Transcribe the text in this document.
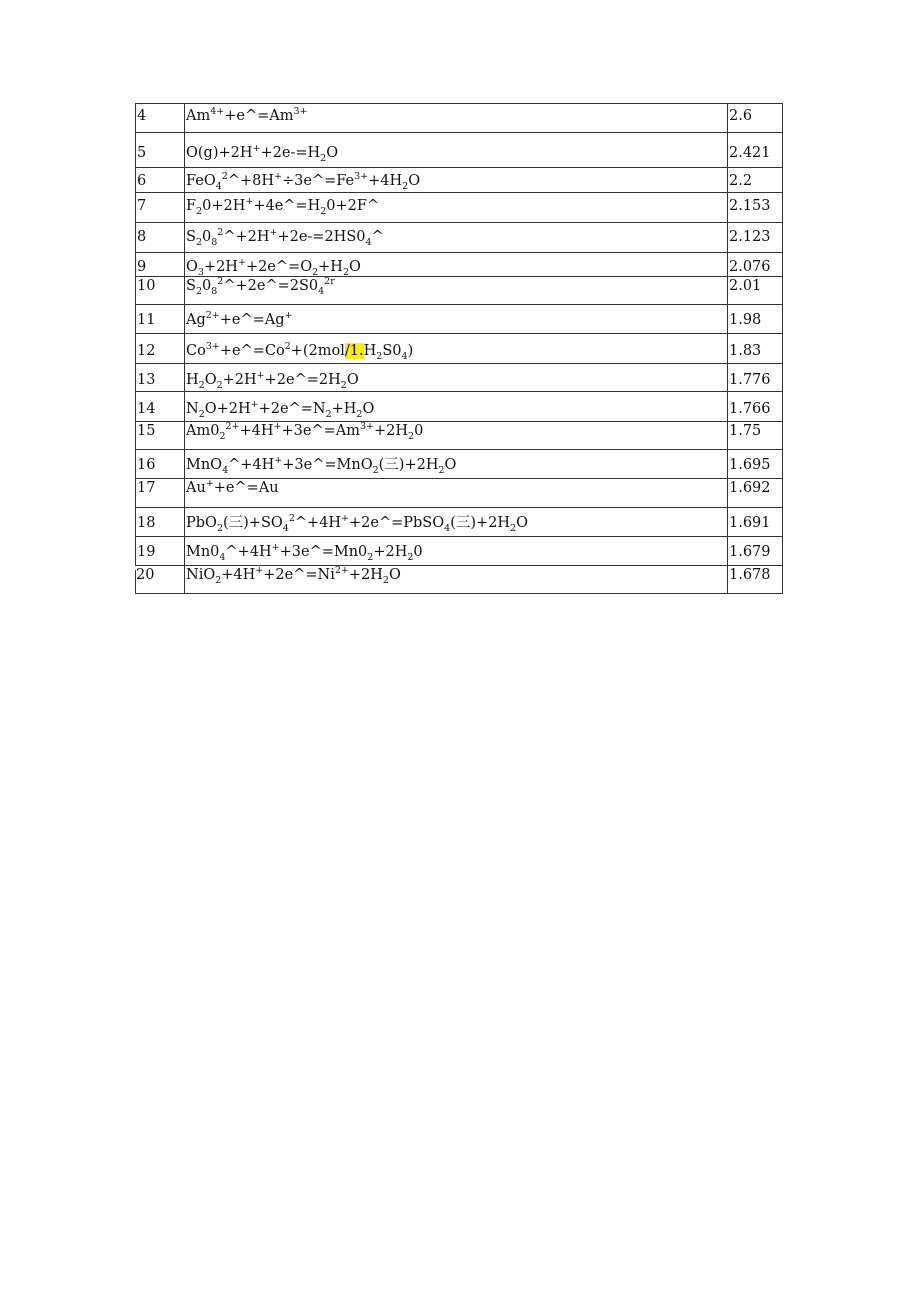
4	$Am^{4+}+e\^{}=Am^{3+}$	2.6
5	$O(g)+2H^++2e-=H_2O$	2.421
6	$FeO_4^2\^{}+8H^+\div 3e\^{}=Fe^{3+}+4H_2O$	2.2
7	$F_20+2H^++4e\^{}=H_20+2F\^{}$	2.153
8	$S_20_8^2\^{}+2H^++2e-=2HS0_4\^{}$	2.123
9	$O_3+2H^++2e\^{}=O_2+H_2O$	2.076
10	$S_20_8^2\^{}+2e\^{}=2S0_4^{2r}$	2.01
11	$Ag^{2+}+e\^{}=Ag^+$	1.98
12	$Co^{3+}+e\^{}=Co^2+(2mol/1.H_2S0_4)$	1.83
13	$H_2O_2+2H^++2e\^{}=2H_2O$	1.776
14	$N_2O+2H^++2e\^{}=N_2+H_2O$	1.766
15	$Am0_2^{2+}+4H^++3e\^{}=Am^{3+}+2H_20$	1.75
16	MnO$_4$^+4H++3e^=MnO$_2$(三)$+2H_2O$	1.695
17	Au++e^=Au	1.692
18	PbO$_2$(三)$+SO_4^2\^{}+4H^++2e\^{}=PbSO_4$(三)$+2H_2O$	1.691
19	$Mn0_4\^{}+4H^++3e\^{}=Mn0_2+2H_20$	1.679
20	$NiO_2+4H^++2e\^{}=Ni^{2+}+2H_2O$	1.678
